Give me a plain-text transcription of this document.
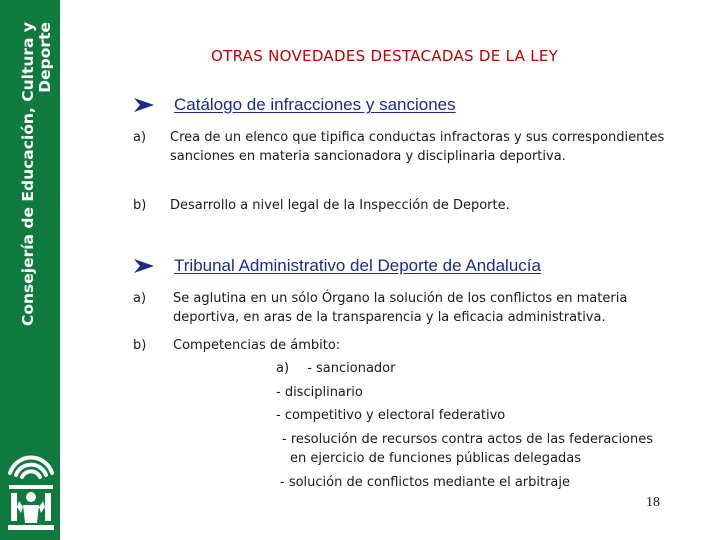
Consejería de Educación, Cultura y Deporte	OTRAS NOVEDADES DESTACADAS DE LA LEY
Catálogo de infracciones y sanciones
a) Crea de un elenco que tipifica conductas infractoras y sus correspondientes sanciones en materia sancionadora y disciplinaria deportiva.
b) Desarrollo a nivel legal de la Inspección de Deporte.
Tribunal Administrativo del Deporte de Andalucía
a) Se aglutina en un sólo Órgano la solución de los conflictos en materia deportiva, en aras de la transparencia y la eficacia administrativa.
b) Competencias de ámbito:
a) - sancionador
- disciplinario
- competitivo y electoral federativo
- resolución de recursos contra actos de las federaciones
en ejercicio de funciones públicas delegadas
- solución de conflictos mediante el arbitraje
18
